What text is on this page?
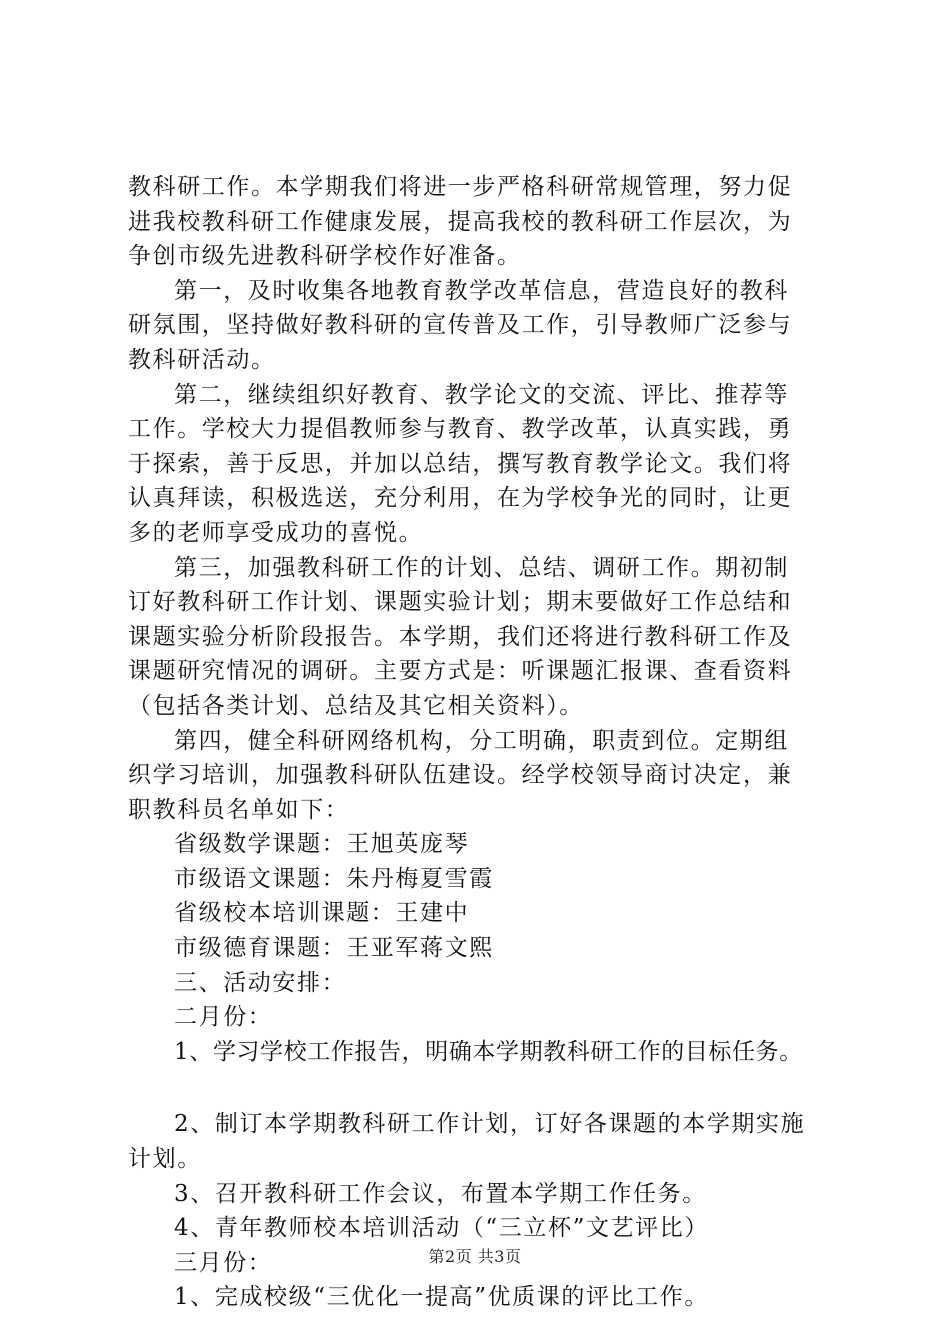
教科研工作。本学期我们将进一步严格科研常规管理，努力促
进我校教科研工作健康发展，提高我校的教科研工作层次，为
争创市级先进教科研学校作好准备。
第一，及时收集各地教育教学改革信息，营造良好的教科
研氛围，坚持做好教科研的宣传普及工作，引导教师广泛参与
教科研活动。
第二，继续组织好教育、教学论文的交流、评比、推荐等
工作。学校大力提倡教师参与教育、教学改革，认真实践，勇
于探索，善于反思，并加以总结，撰写教育教学论文。我们将
认真拜读，积极选送，充分利用，在为学校争光的同时，让更
多的老师享受成功的喜悦。
第三，加强教科研工作的计划、总结、调研工作。期初制
订好教科研工作计划、课题实验计划；期末要做好工作总结和
课题实验分析阶段报告。本学期，我们还将进行教科研工作及
课题研究情况的调研。主要方式是：听课题汇报课、查看资料
（包括各类计划、总结及其它相关资料）。
第四，健全科研网络机构，分工明确，职责到位。定期组
织学习培训，加强教科研队伍建设。经学校领导商讨决定，兼
职教科员名单如下：
省级数学课题：王旭英庞琴
市级语文课题：朱丹梅夏雪霞
省级校本培训课题：王建中
市级德育课题：王亚军蒋文熙
三、活动安排：
二月份：
1、学习学校工作报告，明确本学期教科研工作的目标任务。
2、制订本学期教科研工作计划，订好各课题的本学期实施
计划。
3、召开教科研工作会议，布置本学期工作任务。
4、青年教师校本培训活动（“三立杯”文艺评比）
三月份：
1、完成校级“三优化一提高”优质课的评比工作。
第2页 共3页
